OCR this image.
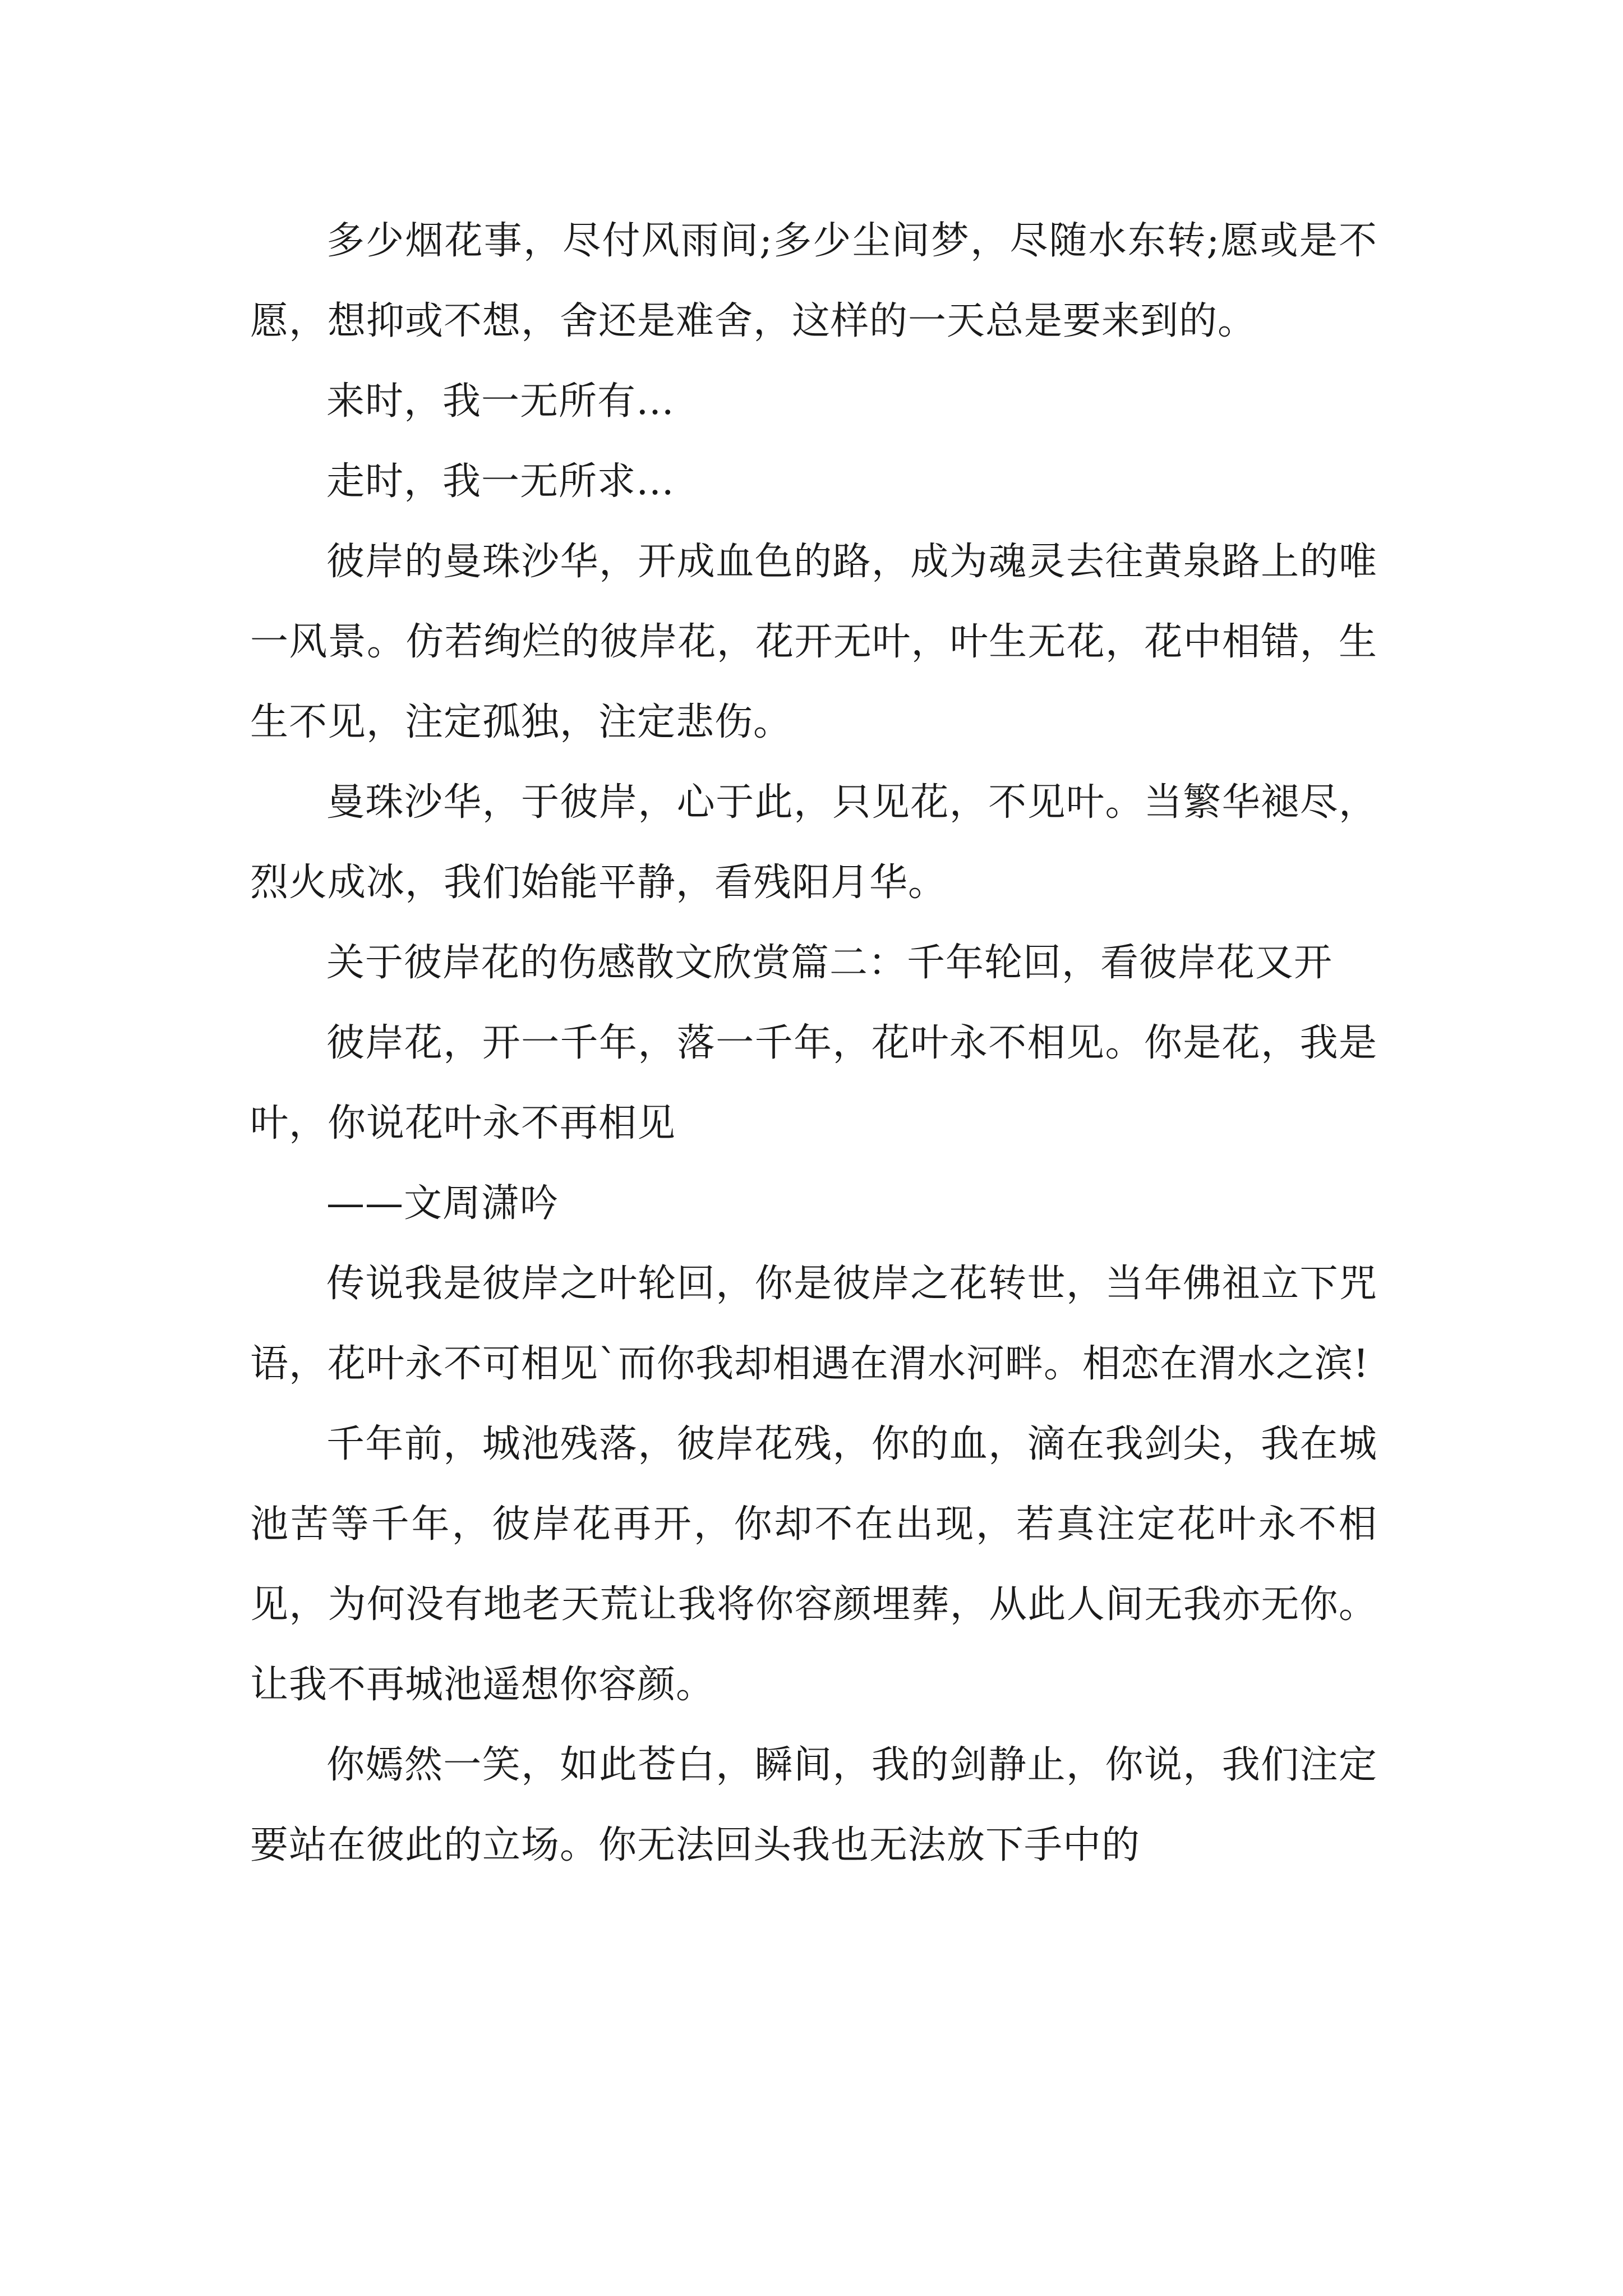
多少烟花事，尽付风雨间;多少尘间梦，尽随水东转;愿或是不愿，想抑或不想，舍还是难舍，这样的一天总是要来到的。

来时，我一无所有…

走时，我一无所求…

彼岸的曼珠沙华，开成血色的路，成为魂灵去往黄泉路上的唯一风景。仿若绚烂的彼岸花，花开无叶，叶生无花，花中相错，生生不见，注定孤独，注定悲伤。

曼珠沙华，于彼岸，心于此，只见花，不见叶。当繁华褪尽，烈火成冰，我们始能平静，看残阳月华。

关于彼岸花的伤感散文欣赏篇二：千年轮回，看彼岸花又开

彼岸花，开一千年，落一千年，花叶永不相见。你是花，我是叶，你说花叶永不再相见

——文周潇吟

传说我是彼岸之叶轮回，你是彼岸之花转世，当年佛祖立下咒语，花叶永不可相见`而你我却相遇在渭水河畔。相恋在渭水之滨!

千年前，城池残落，彼岸花残，你的血，滴在我剑尖，我在城池苦等千年，彼岸花再开，你却不在出现，若真注定花叶永不相见，为何没有地老天荒让我将你容颜埋葬，从此人间无我亦无你。让我不再城池遥想你容颜。

你嫣然一笑，如此苍白，瞬间，我的剑静止，你说，我们注定要站在彼此的立场。你无法回头我也无法放下手中的
